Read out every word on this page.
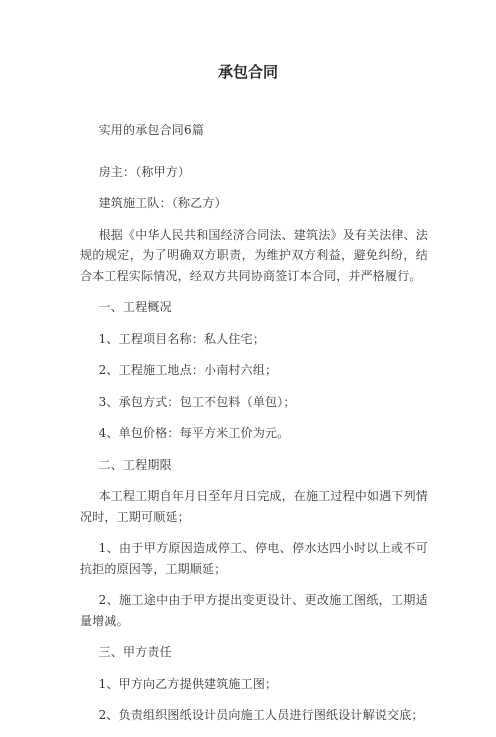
承包合同

实用的承包合同6篇

房主：（称甲方）

建筑施工队：（称乙方）

根据《中华人民共和国经济合同法、建筑法》及有关法律、法规的规定，为了明确双方职责，为维护双方利益，避免纠纷，结合本工程实际情况，经双方共同协商签订本合同，并严格履行。

一、工程概况

1、工程项目名称：私人住宅；

2、工程施工地点：小南村六组；

3、承包方式：包工不包料（单包）；

4、单包价格：每平方米工价为元。

二、工程期限

本工程工期自年月日至年月日完成，在施工过程中如遇下列情况时，工期可顺延；

1、由于甲方原因造成停工、停电、停水达四小时以上或不可抗拒的原因等，工期顺延；

2、施工途中由于甲方提出变更设计、更改施工图纸，工期适量增减。

三、甲方责任

1、甲方向乙方提供建筑施工图；

2、负责组织图纸设计员向施工人员进行图纸设计解说交底；
